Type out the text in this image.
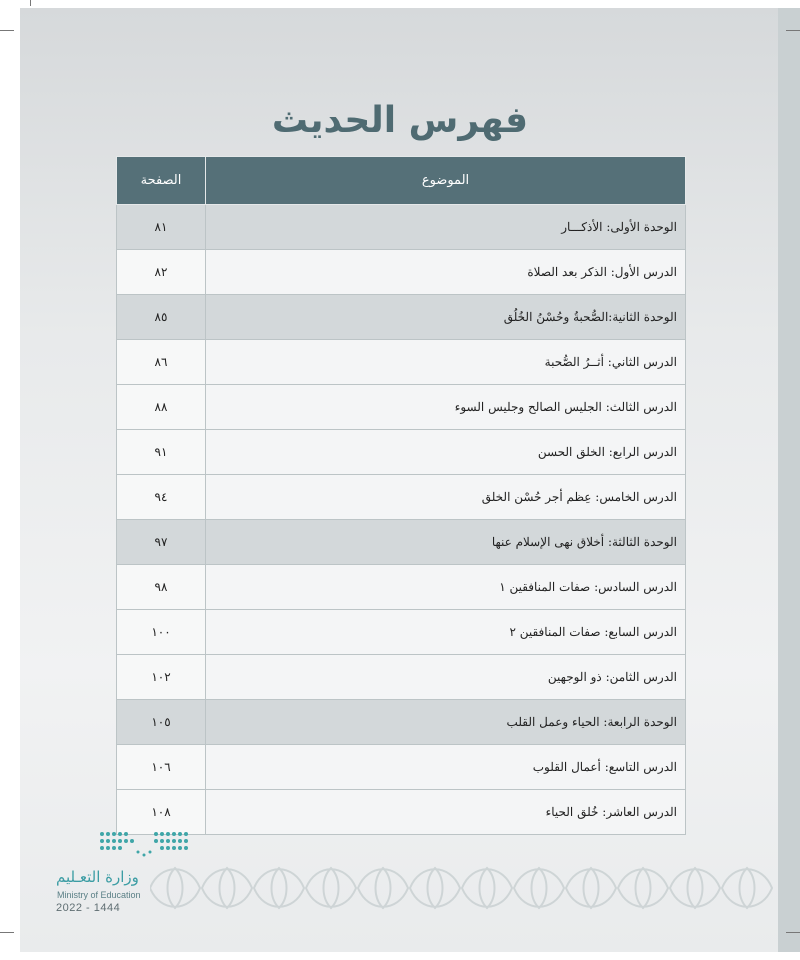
فهرس الحديث
الموضوع	الصفحة
الوحدة الأولى: الأذكـــار	٨١
الدرس الأول: الذكر بعد الصلاة	٨٢
الوحدة الثانية:الصُّحبةُ وحُسْنُ الخُلُق	٨٥
الدرس الثاني: أثــرُ الصُّحبة	٨٦
الدرس الثالث: الجليس الصالح وجليس السوء	٨٨
الدرس الرابع: الخلق الحسن	٩١
الدرس الخامس: عِظم أجر حُسْن الخلق	٩٤
الوحدة الثالثة: أخلاق نهى الإسلام عنها	٩٧
الدرس السادس: صفات المنافقين ١	٩٨
الدرس السابع: صفات المنافقين ٢	١٠٠
الدرس الثامن: ذو الوجهين	١٠٢
الوحدة الرابعة: الحياء وعمل القلب	١٠٥
الدرس التاسع: أعمال القلوب	١٠٦
الدرس العاشر: خُلق الحياء	١٠٨
وزارة التعـليم
Ministry of Education
2022 - 1444
